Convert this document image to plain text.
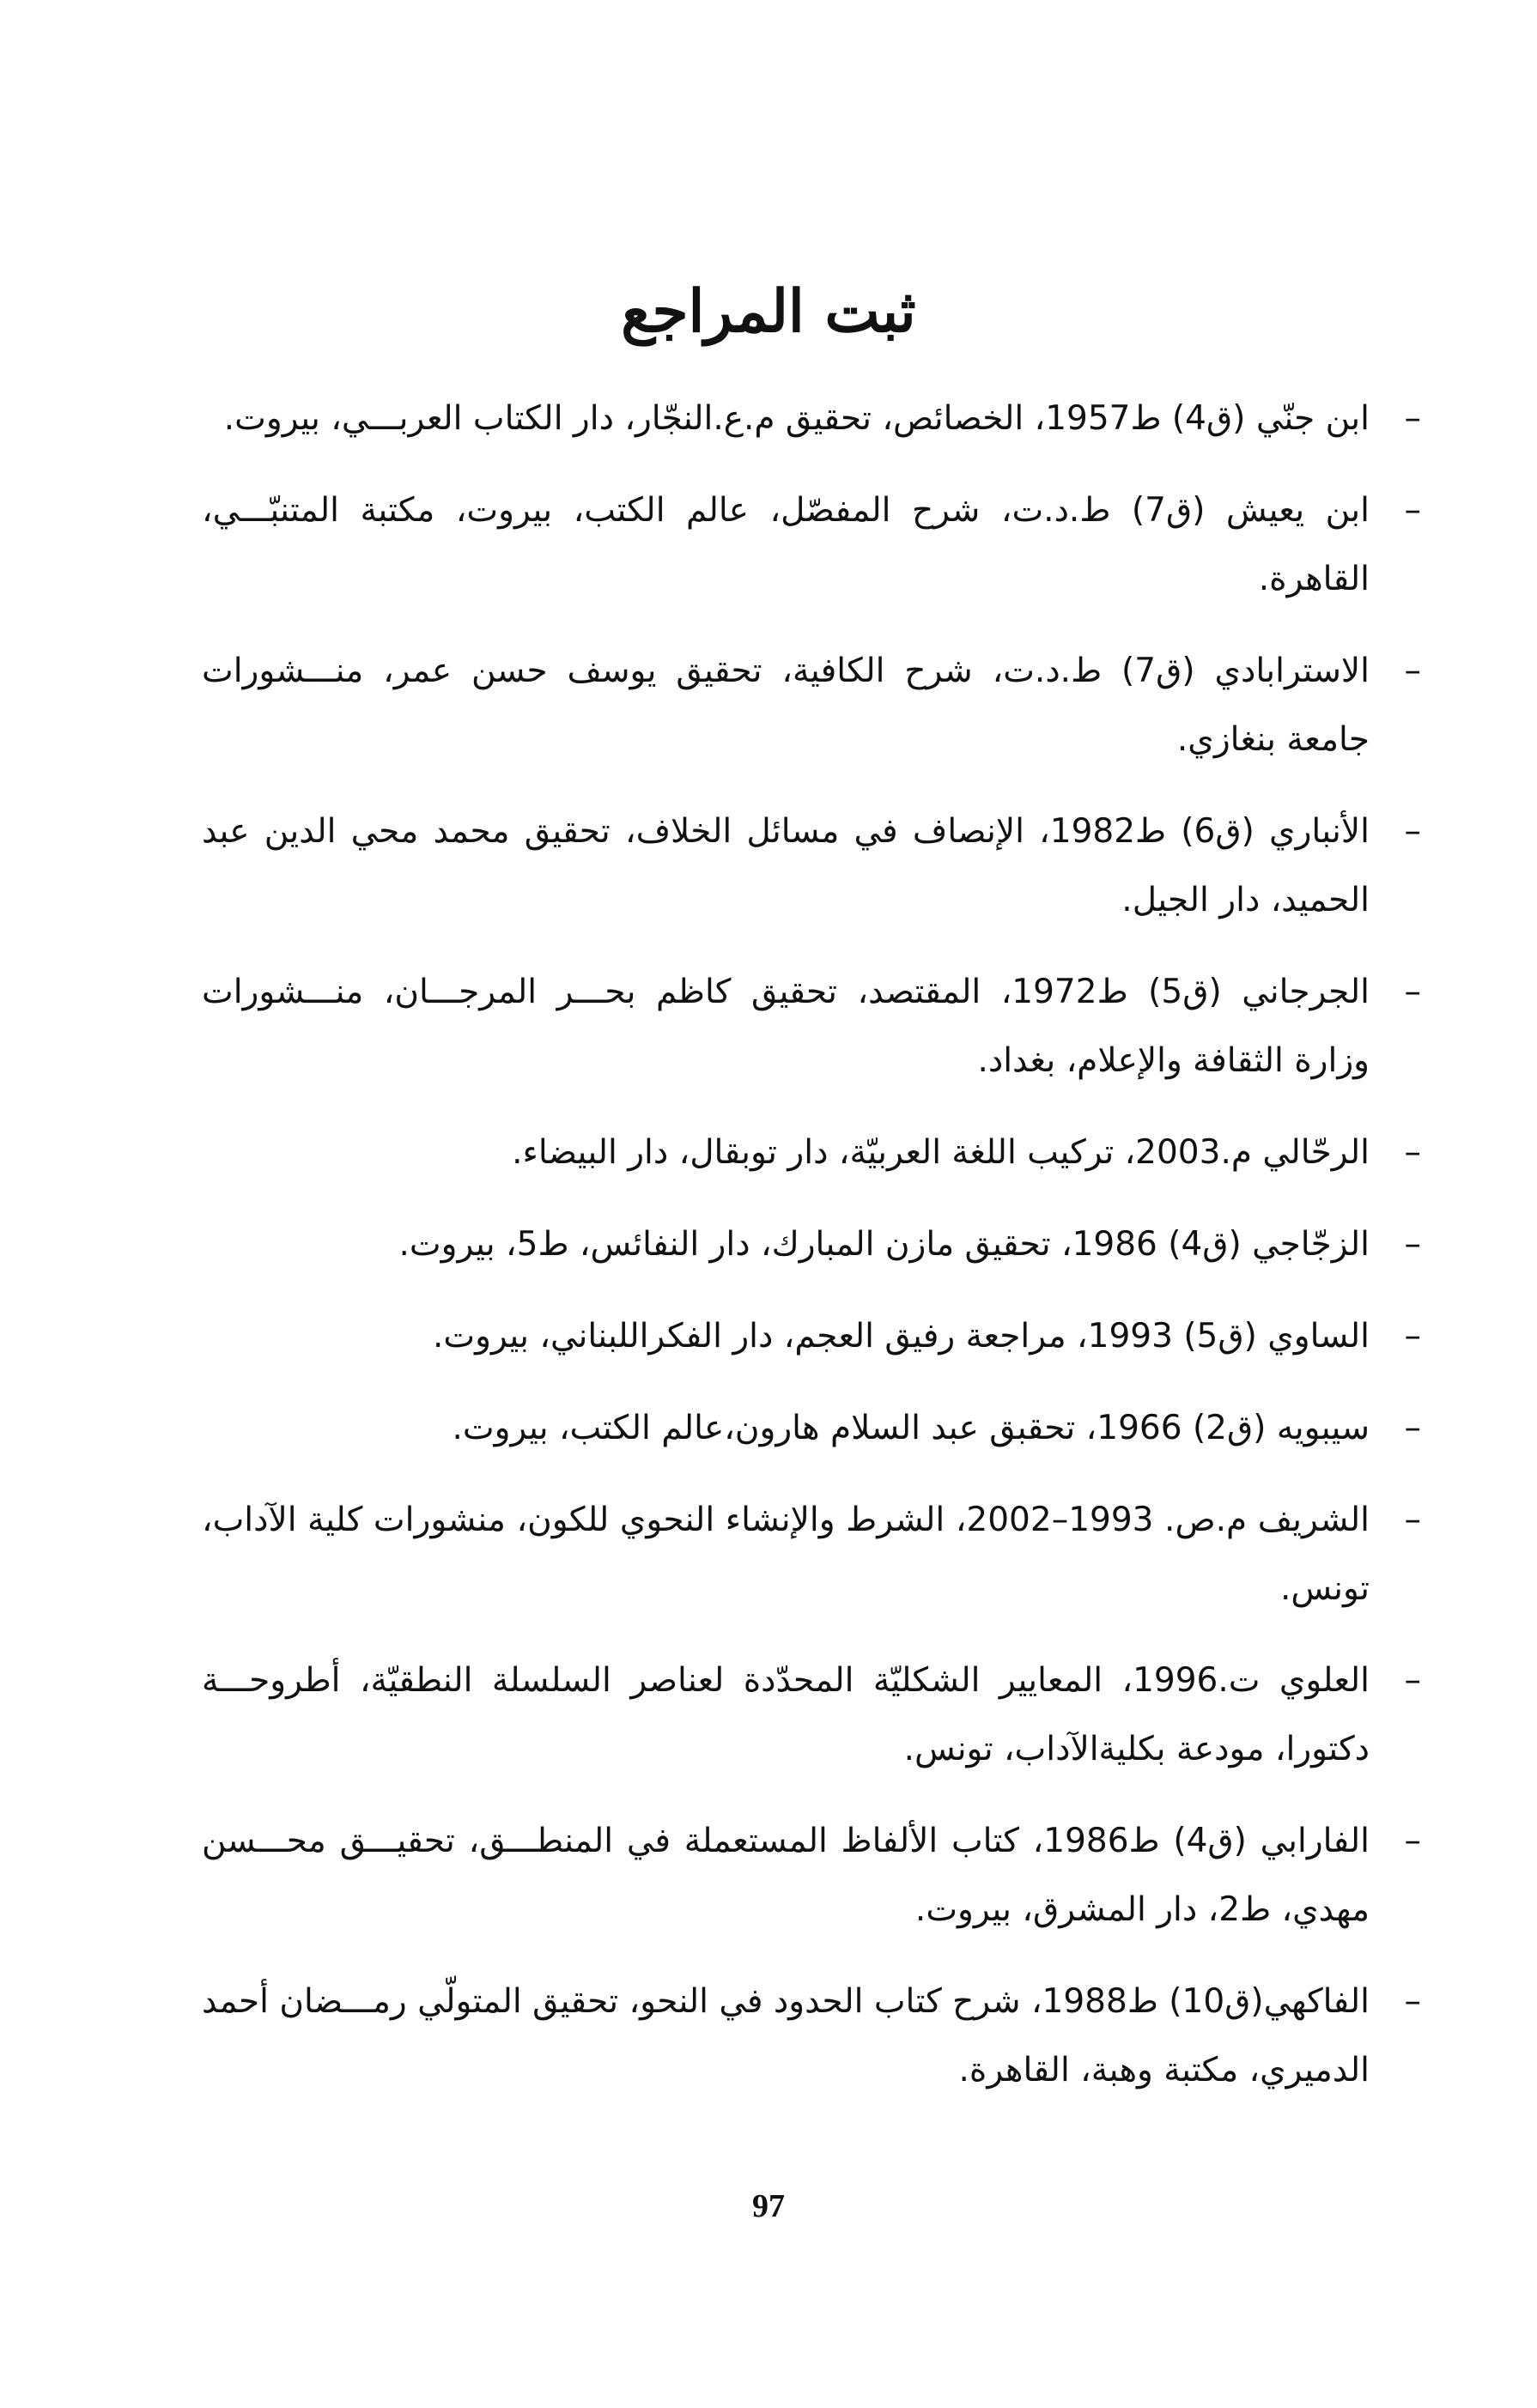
ثبت المراجع
–
ابن جنّي (ق4) ط1957، الخصائص، تحقيق م.ع.النجّار، دار الكتاب العربـــي، بيروت.
–
ابن يعيش (ق7) ط.د.ت، شرح المفصّل، عالم الكتب، بيروت، مكتبة المتنبّـــي، القاهرة.
–
الاسترابادي (ق7) ط.د.ت، شرح الكافية، تحقيق يوسف حسن عمر، منـــشورات جامعة بنغازي.
–
الأنباري (ق6) ط1982، الإنصاف في مسائل الخلاف، تحقيق محمد محي الدين عبد الحميد، دار الجيل.
–
الجرجاني (ق5) ط1972، المقتصد، تحقيق كاظم بحـــر المرجـــان، منـــشورات وزارة الثقافة والإعلام، بغداد.
–
الرحّالي م.2003، تركيب اللغة العربيّة، دار توبقال، دار البيضاء.
–
الزجّاجي (ق4) 1986، تحقيق مازن المبارك، دار النفائس، ط5، بيروت.
–
الساوي (ق5) 1993، مراجعة رفيق العجم، دار الفكراللبناني، بيروت.
–
سيبويه (ق2) 1966، تحقبق عبد السلام هارون،عالم الكتب، بيروت.
–
الشريف م.ص. 1993–2002، الشرط والإنشاء النحوي للكون، منشورات كلية الآداب، تونس.
–
العلوي ت.1996، المعايير الشكليّة المحدّدة لعناصر السلسلة النطقيّة، أطروحـــة دكتورا، مودعة بكليةالآداب، تونس.
–
الفارابي (ق4) ط1986، كتاب الألفاظ المستعملة في المنطـــق، تحقيـــق محـــسن مهدي، ط2، دار المشرق، بيروت.
–
الفاكهي(ق10) ط1988، شرح كتاب الحدود في النحو، تحقيق المتولّي رمـــضان أحمد الدميري، مكتبة وهبة، القاهرة.
97
